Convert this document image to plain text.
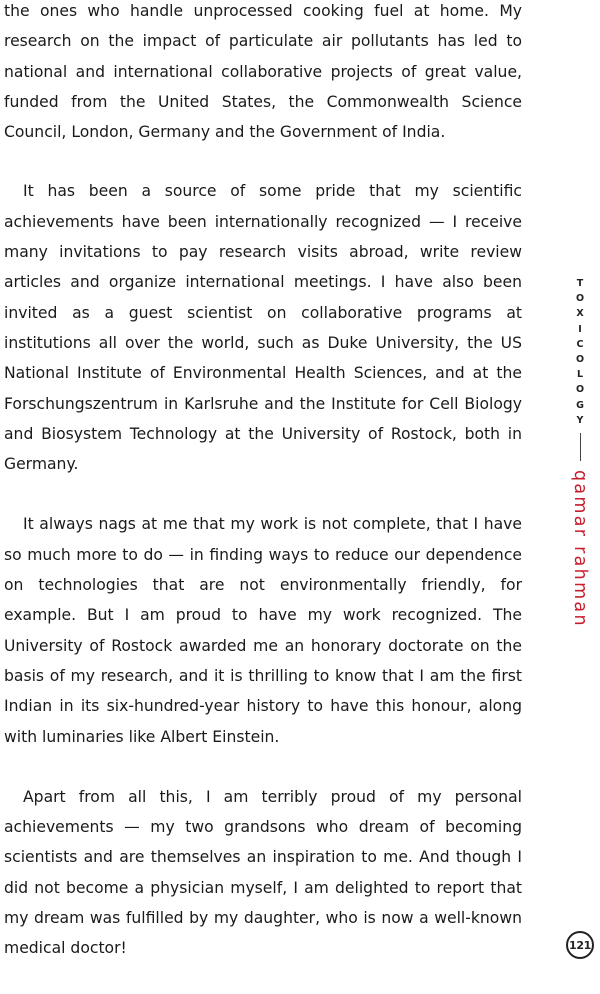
the ones who handle unprocessed cooking fuel at home. My research on the impact of particulate air pollutants has led to national and international collaborative projects of great value, funded from the United States, the Commonwealth Science Council, London, Germany and the Government of India.

It has been a source of some pride that my scientific achievements have been internationally recognized — I receive many invitations to pay research visits abroad, write review articles and organize international meetings. I have also been invited as a guest scientist on collaborative programs at institutions all over the world, such as Duke University, the US National Institute of Environmental Health Sciences, and at the Forschungszentrum in Karlsruhe and the Institute for Cell Biology and Biosystem Technology at the University of Rostock, both in Germany.

It always nags at me that my work is not complete, that I have so much more to do — in finding ways to reduce our dependence on technologies that are not environmentally friendly, for example. But I am proud to have my work recognized. The University of Rostock awarded me an honorary doctorate on the basis of my research, and it is thrilling to know that I am the first Indian in its six-hundred-year history to have this honour, along with luminaries like Albert Einstein.

Apart from all this, I am terribly proud of my personal achievements — my two grandsons who dream of becoming scientists and are themselves an inspiration to me. And though I did not become a physician myself, I am delighted to report that my dream was fulfilled by my daughter, who is now a well-known medical doctor!

T
O
X
I
C
O
L
O
G
Y
qamar rahman
121
